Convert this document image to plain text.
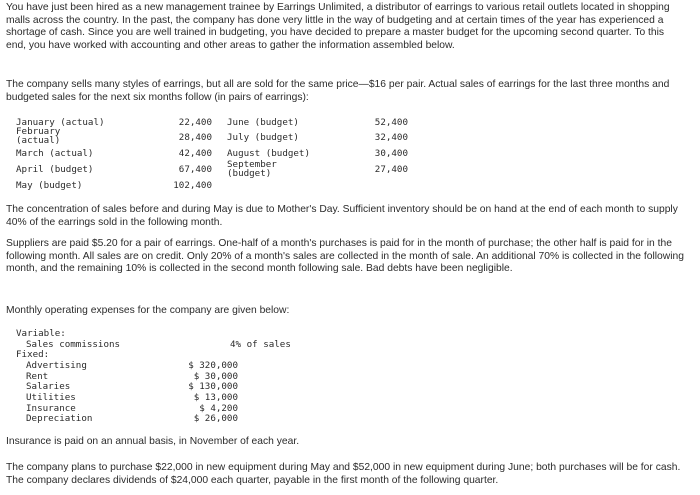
You have just been hired as a new management trainee by Earrings Unlimited, a distributor of earrings to various retail outlets located in shopping malls across the country. In the past, the company has done very little in the way of budgeting and at certain times of the year has experienced a shortage of cash. Since you are well trained in budgeting, you have decided to prepare a master budget for the upcoming second quarter. To this end, you have worked with accounting and other areas to gather the information assembled below.

The company sells many styles of earrings, but all are sold for the same price—$16 per pair. Actual sales of earrings for the last three months and budgeted sales for the next six months follow (in pairs of earrings):

January (actual)
February (actual)
March (actual)
April (budget)
May (budget)
22,400
28,400
42,400
67,400
102,400
June (budget)
July (budget)
August (budget)
September (budget)
52,400
32,400
30,400
27,400

The concentration of sales before and during May is due to Mother's Day. Sufficient inventory should be on hand at the end of each month to supply 40% of the earrings sold in the following month.

Suppliers are paid $5.20 for a pair of earrings. One-half of a month's purchases is paid for in the month of purchase; the other half is paid for in the following month. All sales are on credit. Only 20% of a month's sales are collected in the month of sale. An additional 70% is collected in the following month, and the remaining 10% is collected in the second month following sale. Bad debts have been negligible.

Monthly operating expenses for the company are given below:

Variable:
Sales commissions	4% of sales
Fixed:
Advertising
Rent
Salaries
Utilities
Insurance
Depreciation
$ 320,000
$ 30,000
$ 130,000
$ 13,000
$ 4,200
$ 26,000

Insurance is paid on an annual basis, in November of each year.

The company plans to purchase $22,000 in new equipment during May and $52,000 in new equipment during June; both purchases will be for cash. The company declares dividends of $24,000 each quarter, payable in the first month of the following quarter.
